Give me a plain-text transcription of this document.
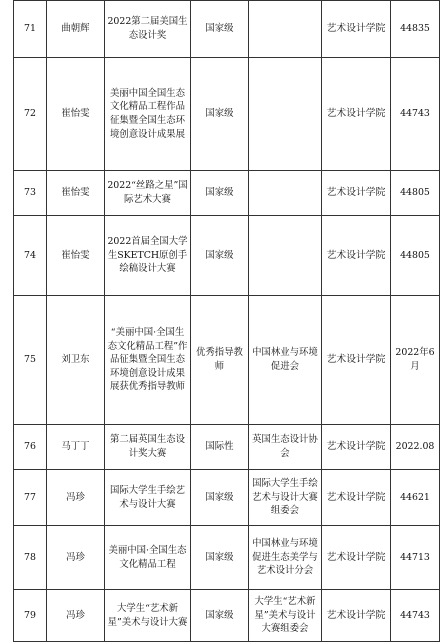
71	曲朝辉	2022第二届美国生态设计奖	国家级		艺术设计学院	44835
72	崔怡雯	美丽中国全国生态文化精品工程作品征集暨全国生态环境创意设计成果展	国家级		艺术设计学院	44743
73	崔怡雯	2022“丝路之星”国际艺术大赛	国家级		艺术设计学院	44805
74	崔怡雯	2022首届全国大学生SKETCH原创手绘稿设计大赛	国家级		艺术设计学院	44805
75	刘卫东	“美丽中国·全国生态文化精品工程”作品征集暨全国生态环境创意设计成果展获优秀指导教师	优秀指导教师	中国林业与环境促进会	艺术设计学院	2022年6月
76	马丁丁	第二届英国生态设计奖大赛	国际性	英国生态设计协会	艺术设计学院	2022.08
77	冯珍	国际大学生手绘艺术与设计大赛	国家级	国际大学生手绘艺术与设计大赛组委会	艺术设计学院	44621
78	冯珍	美丽中国·全国生态文化精品工程	国家级	中国林业与环境促进生态美学与艺术设计分会	艺术设计学院	44713
79	冯珍	大学生“艺术新星”美术与设计大赛	国家级	大学生“艺术新星”美术与设计大赛组委会	艺术设计学院	44743
